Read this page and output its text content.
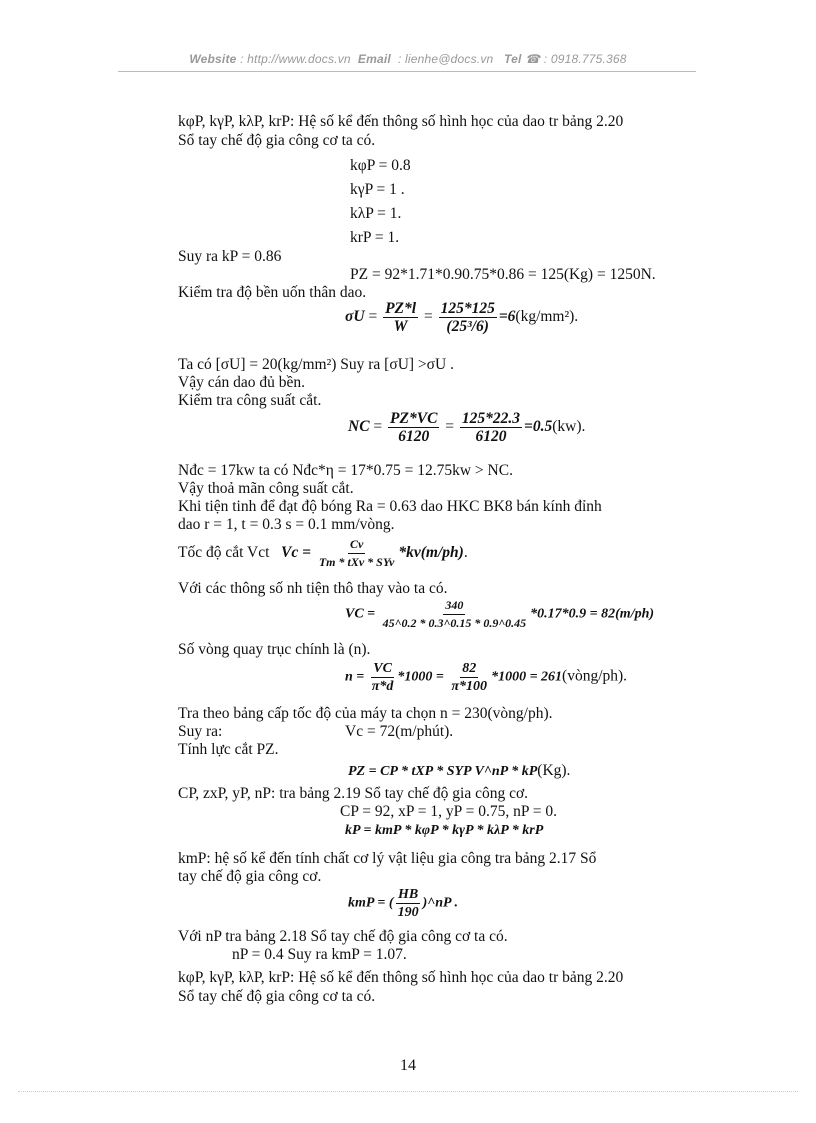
Website : http://www.docs.vn Email : lienhe@docs.vn Tel ☎ : 0918.775.368
kφP, kγP, kλP, krP: Hệ số kể đến thông số hình học của dao tr bảng 2.20
Sổ tay chế độ gia công cơ ta có.
kφP = 0.8
kγP = 1 .
kλP = 1.
krP = 1.
Suy ra kP = 0.86
PZ = 92*1.71*0.90.75*0.86 = 125(Kg) = 1250N.
Kiểm tra độ bền uốn thân dao.
$\sigma U = \frac{PZ*l}{W} = \frac{125*125}{\text{(25³/6)}} =6(kg/mm^2)$.
Ta có [σU] = 20(kg/mm²) Suy ra [σU] >σU .
Vậy cán dao đủ bền.
Kiểm tra công suất cắt.
NC = $\frac{PZ*VC}{6120} = \frac{125*22.3}{6120} =0.5(kw)$.
Nđc = 17kw ta có Nđc*η = 17*0.75 = 12.75kw > NC.
Vậy thoả mãn công suất cắt.
Khi tiện tinh để đạt độ bóng Ra = 0.63 dao HKC BK8 bán kính đỉnh
dao r = 1, t = 0.3 s = 0.1 mm/vòng.
Tốc độ cắt Vct $Vc = \frac{Cv}{\text{Tm * tXv * SYv}} *kv(m/ph)$.
Với các thông số nh tiện thô thay vào ta có.
VC = $\frac{340}{45\^{}0.2 * 0.3\^{}0.15 * 0.9\^{}0.45} *0.17*0.9 = 82(m/ph)$
Số vòng quay trục chính là (n).
$n = \frac{VC}{\pi*d} *1000 = \frac{82}{\pi*100} *1000$ = 261(vòng/ph).
Tra theo bảng cấp tốc độ của máy ta chọn n = 230(vòng/ph).
Suy ra:	Vc = 72(m/phút).
Tính lực cắt PZ.
PZ = CP * tXP * SYP V^nP * kP(Kg).
CP, zxP, yP, nP: tra bảng 2.19 Sổ tay chế độ gia công cơ.
CP = 92, xP = 1, yP = 0.75, nP = 0.
kP = kmP * kφP * kγP * kλP * krP
kmP: hệ số kể đến tính chất cơ lý vật liệu gia công tra bảng 2.17 Sổ
tay chế độ gia công cơ.
kmP = ( $\frac{HB}{190}$ )^nP .
Với nP tra bảng 2.18 Sổ tay chế độ gia công cơ ta có.
nP = 0.4 Suy ra kmP = 1.07.
kφP, kγP, kλP, krP: Hệ số kể đến thông số hình học của dao tr bảng 2.20
Sổ tay chế độ gia công cơ ta có.
14
